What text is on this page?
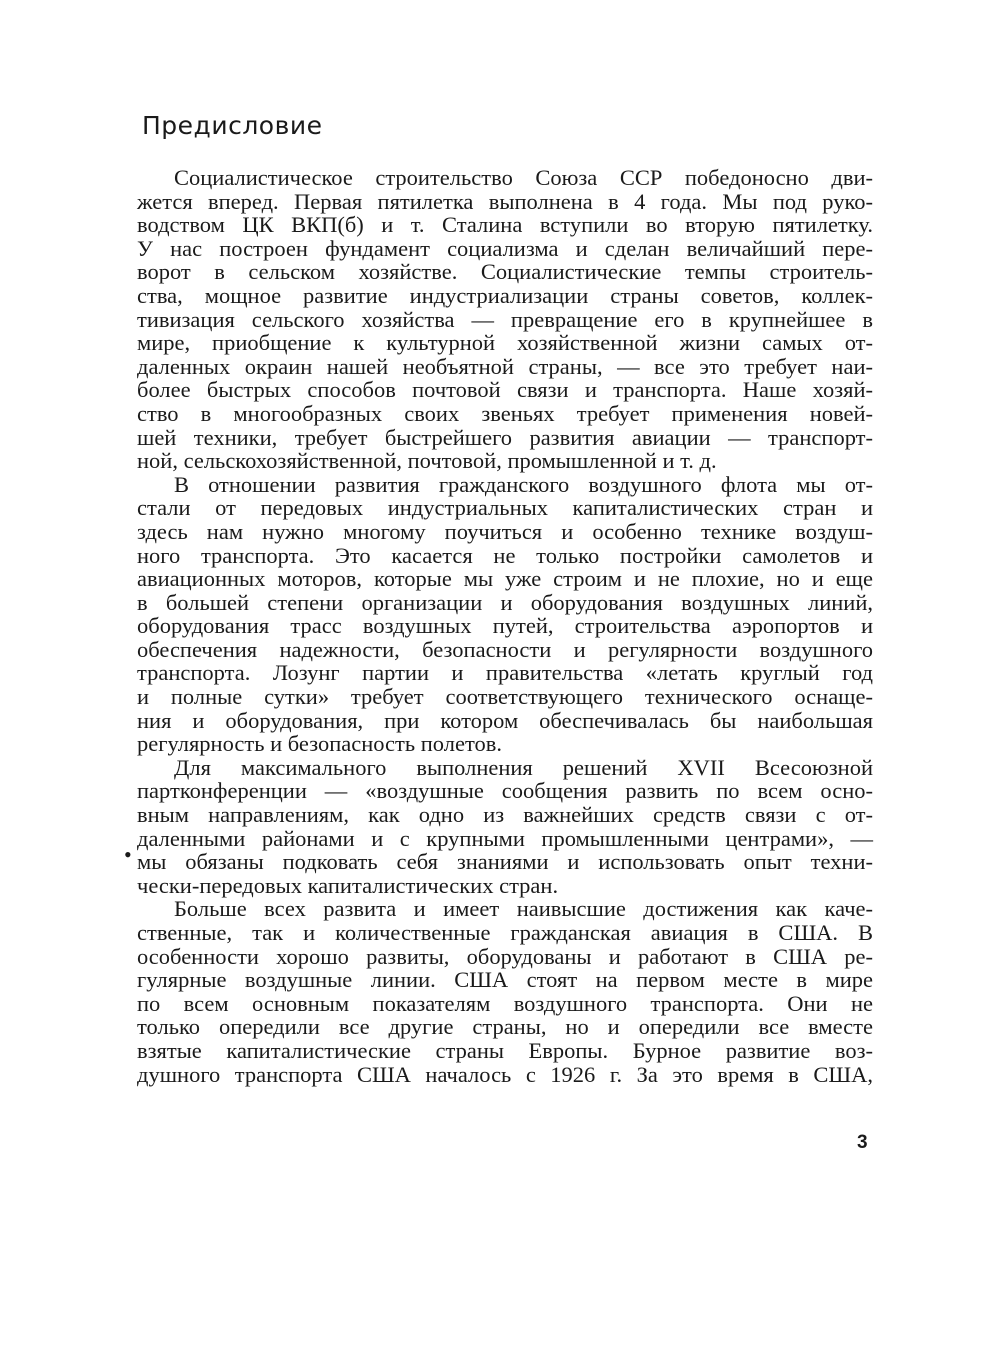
Предисловие
Социалистическое строительство Союза ССР победоносно дви-
жется вперед. Первая пятилетка выполнена в 4 года. Мы под руко-
водством ЦК ВКП(б) и т. Сталина вступили во вторую пятилетку.
У нас построен фундамент социализма и сделан величайший пере-
ворот в сельском хозяйстве. Социалистические темпы строитель-
ства, мощное развитие индустриализации страны советов, коллек-
тивизация сельского хозяйства — превращение его в крупнейшее в
мире, приобщение к культурной хозяйственной жизни самых от-
даленных окраин нашей необъятной страны, — все это требует наи-
более быстрых способов почтовой связи и транспорта. Наше хозяй-
ство в многообразных своих звеньях требует применения новей-
шей техники, требует быстрейшего развития авиации — транспорт-
ной, сельскохозяйственной, почтовой, промышленной и т. д.
В отношении развития гражданского воздушного флота мы от-
стали от передовых индустриальных капиталистических стран и
здесь нам нужно многому поучиться и особенно технике воздуш-
ного транспорта. Это касается не только постройки самолетов и
авиационных моторов, которые мы уже строим и не плохие, но и еще
в большей степени организации и оборудования воздушных линий,
оборудования трасс воздушных путей, строительства аэропортов и
обеспечения надежности, безопасности и регулярности воздушного
транспорта. Лозунг партии и правительства «летать круглый год
и полные сутки» требует соответствующего технического оснаще-
ния и оборудования, при котором обеспечивалась бы наибольшая
регулярность и безопасность полетов.
Для максимального выполнения решений XVII Всесоюзной
партконференции — «воздушные сообщения развить по всем осно-
вным направлениям, как одно из важнейших средств связи с от-
даленными районами и с крупными промышленными центрами», —
мы обязаны подковать себя знаниями и использовать опыт техни-
чески-передовых капиталистических стран.
Больше всех развита и имеет наивысшие достижения как каче-
ственные, так и количественные гражданская авиация в США. В
особенности хорошо развиты, оборудованы и работают в США ре-
гулярные воздушные линии. США стоят на первом месте в мире
по всем основным показателям воздушного транспорта. Они не
только опередили все другие страны, но и опередили все вместе
взятые капиталистические страны Европы. Бурное развитие воз-
душного транспорта США началось с 1926 г. За это время в США,
•
3
